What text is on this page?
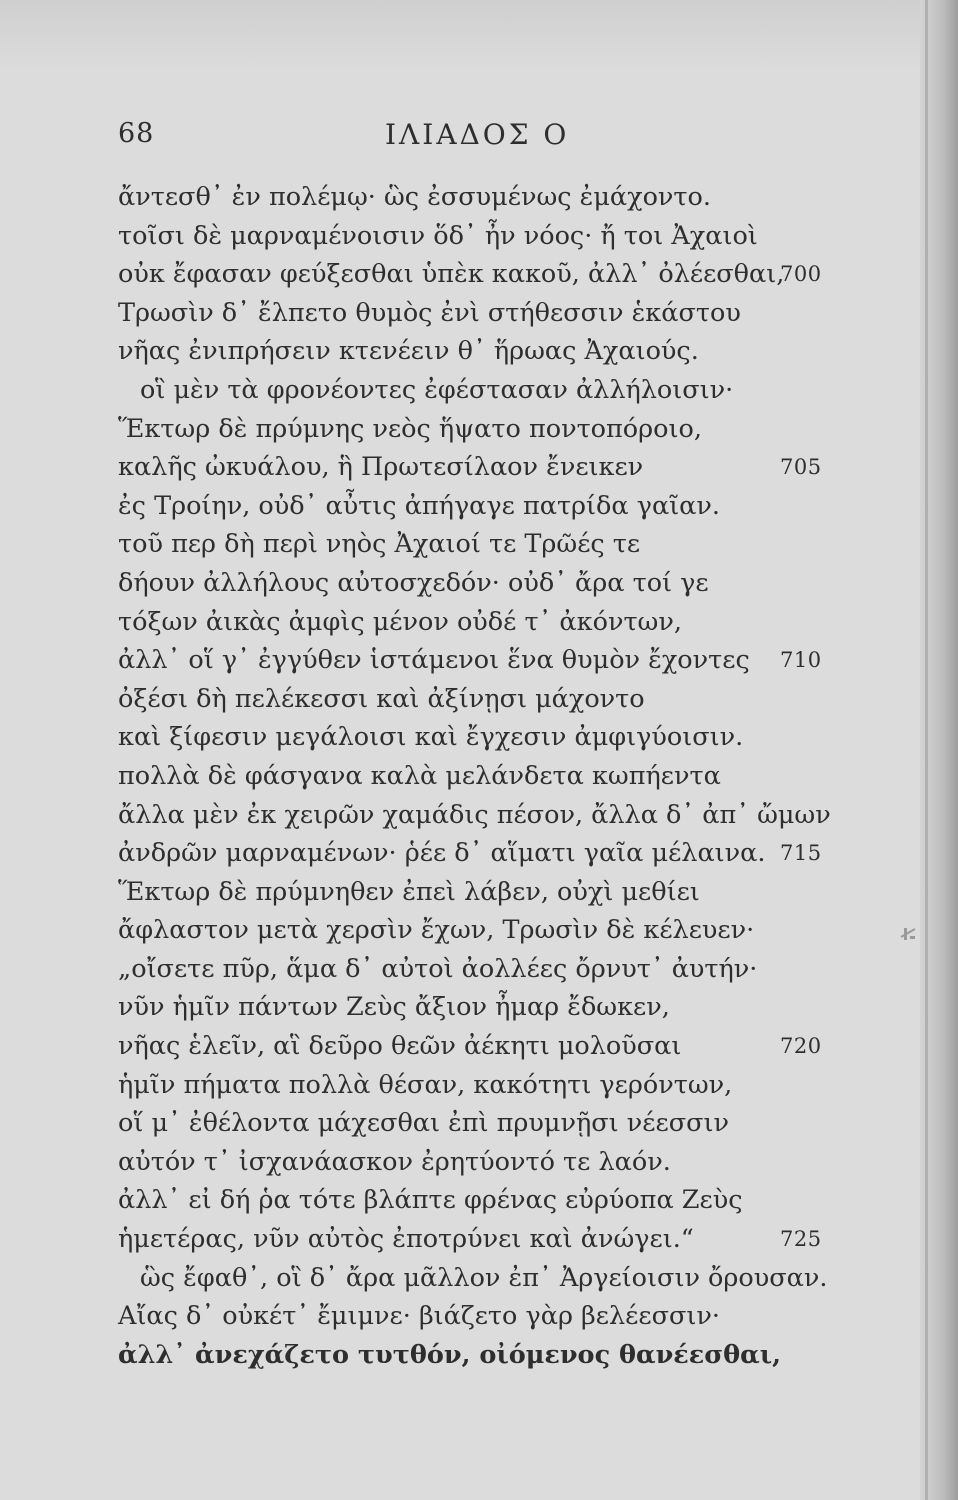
68	ΙΛΙΑΔΟΣ Ο
ἄντεσθ᾽ ἐν πολέμῳ· ὣς ἐσσυμένως ἐμάχοντο.
τοῖσι δὲ μαρναμένοισιν ὅδ᾽ ἦν νόος· ἤ τοι Ἀχαιοὶ
οὐκ ἔφασαν φεύξεσθαι ὑπὲκ κακοῦ, ἀλλ᾽ ὀλέεσθαι,
700
Τρωσὶν δ᾽ ἔλπετο θυμὸς ἐνὶ στήθεσσιν ἑκάστου
νῆας ἐνιπρήσειν κτενέειν θ᾽ ἥρωας Ἀχαιούς.
οἳ μὲν τὰ φρονέοντες ἐφέστασαν ἀλλήλοισιν·
Ἕκτωρ δὲ πρύμνης νεὸς ἥψατο ποντοπόροιο,
καλῆς ὠκυάλου, ἣ Πρωτεσίλαον ἔνεικεν	705
ἐς Τροίην, οὐδ᾽ αὖτις ἀπήγαγε πατρίδα γαῖαν.
τοῦ περ δὴ περὶ νηὸς Ἀχαιοί τε Τρῶές τε
δήουν ἀλλήλους αὐτοσχεδόν· οὐδ᾽ ἄρα τοί γε
τόξων ἀικὰς ἀμφὶς μένον οὐδέ τ᾽ ἀκόντων,
ἀλλ᾽ οἵ γ᾽ ἐγγύθεν ἱστάμενοι ἕνα θυμὸν ἔχοντες 710
ὀξέσι δὴ πελέκεσσι καὶ ἀξίνῃσι μάχοντο
καὶ ξίφεσιν μεγάλοισι καὶ ἔγχεσιν ἀμφιγύοισιν.
πολλὰ δὲ φάσγανα καλὰ μελάνδετα κωπήεντα
ἄλλα μὲν ἐκ χειρῶν χαμάδις πέσον, ἄλλα δ᾽ ἀπ᾽ ὤμων
ἀνδρῶν μαρναμένων· ῥέε δ᾽ αἵματι γαῖα μέλαινα. 715
Ἕκτωρ δὲ πρύμνηθεν ἐπεὶ λάβεν, οὐχὶ μεθίει
ἄφλαστον μετὰ χερσὶν ἔχων, Τρωσὶν δὲ κέλευεν·
„οἴσετε πῦρ, ἅμα δ᾽ αὐτοὶ ἀολλέες ὄρνυτ᾽ ἀυτήν·
νῦν ἡμῖν πάντων Ζεὺς ἄξιον ἦμαρ ἔδωκεν,
νῆας ἑλεῖν, αἳ δεῦρο θεῶν ἀέκητι μολοῦσαι	720
ἡμῖν πήματα πολλὰ θέσαν, κακότητι γερόντων,
οἵ μ᾽ ἐθέλοντα μάχεσθαι ἐπὶ πρυμνῇσι νέεσσιν
αὐτόν τ᾽ ἰσχανάασκον ἐρητύοντό τε λαόν.
ἀλλ᾽ εἰ δή ῥα τότε βλάπτε φρένας εὐρύοπα Ζεὺς
ἡμετέρας, νῦν αὐτὸς ἐποτρύνει καὶ ἀνώγει.“	725
ὣς ἔφαθ᾽, οἳ δ᾽ ἄρα μᾶλλον ἐπ᾽ Ἀργείοισιν ὄρουσαν.
Αἴας δ᾽ οὐκέτ᾽ ἔμιμνε· βιάζετο γὰρ βελέεσσιν·
ἀλλ᾽ ἀνεχάζετο τυτθόν, οἰόμενος θανέεσθαι,
